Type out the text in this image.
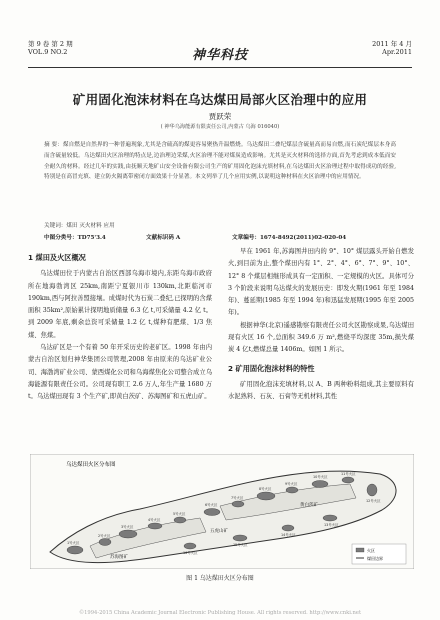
第 9 卷 第 2 期
VOL.9 NO.2	神华科技
2011 年 4 月
Apr.2011
矿用固化泡沫材料在乌达煤田局部火区治理中的应用
贾跃荣
( 神华乌海能源有限责任公司,内蒙古 乌海 016040)
摘 要：煤自燃是自然界的一种普遍现象,尤其是含硫高的煤更容易聚热升温燃烧。乌达煤田二叠纪煤层含硫量高而易自燃,而石炭纪煤层本身高而含硫量较低。乌达煤田火区治理的特点是,边治理边采煤,火区治理不能对煤炭造成影响。尤其是灭火材料的选择方面,首先考虑到成本低而安全耐久的材料。经过几年的实践,由抚顺天地矿山安全设备有限公司生产的矿用固化泡沫充填材料,在乌达煤田火区治理过程中取得成功的经验,特别是在高冒充填、建立防火隔离带密闭方面效果十分显著。本文列举了几个应用实例,以说明这种材料在火区治理中的应用情况。
关键词：煤田 灭火材料 应用
中图分类号：TD75'3.4	文献标识码 A	文章编号：1674-8492(2011)02-020-04
1 煤田及火区概况

乌达煤田位于内蒙古自治区西部乌海市境内,东距乌海市政府所在地海勃湾区 25km,南距宁夏银川市 130km,北距临河市 190km,西与阿拉善盟接壤。成煤时代为石炭二叠纪,已探明的含煤面积 35km²,原始累计探明地质储量 6.3 亿 t,可采储量 4.2 亿 t。到 2009 年底,剩余总资可采储量 1.2 亿 t,煤种有肥煤、1/3 焦煤、焦煤。

乌达矿区是一个有着 50 年开采历史的老矿区。1998 年由内蒙古自治区划归神华集团公司管理,2008 年由原来的乌达矿业公司、海渤湾矿业公司、蒙西煤化公司和乌海煤焦化公司整合成立乌海能源有限责任公司。公司现有职工 2.6 万人,年生产量 1680 万 t。乌达煤田现有 3 个生产矿,即黄白茨矿、苏海图矿和五虎山矿。

早在 1961 年,苏海图井田内的 9°、10° 煤层露头开始自燃发火,到目前为止,整个煤田内有 1°、2°、4°、6°、7°、9°、10°、12° 8 个煤层相继形成具有一定面积、一定规模的火区。具体可分 3 个阶段来说明乌达煤火的发展历史：即发火期(1961 年至 1984 年)、蔓延期(1985 年至 1994 年)和迅猛发展期(1995 年至 2005 年)。

根据神华(北京)遥感勘察有限责任公司火区勘察成果,乌达煤田现有火区 16 个,总面积 349.6 万 m²,燃烧平均深度 35m,损失煤炭 4 亿t,燃煤总量 1406m。如图 1 所示。

2 矿用固化泡沫材料的特性

矿用固化泡沫充填材料,以 A、B 两种粉料组成,其主要原料有水泥熟料、石灰、石膏等无机材料,其性

乌达煤田火区分布图
苏海图矿
五虎山矿
黄白茨矿
1号火区
2号火区
3号火区
4号火区
5号火区
6号火区
7号火区
8号火区
9号火区
10号火区
11号火区
12号火区
13号火区
14号火区
15号火区
16号火区	火区
煤田边界
图 1 乌达煤田火区分布图
©1994-2015 China Academic Journal Electronic Publishing House. All rights reserved. http://www.cnki.net
